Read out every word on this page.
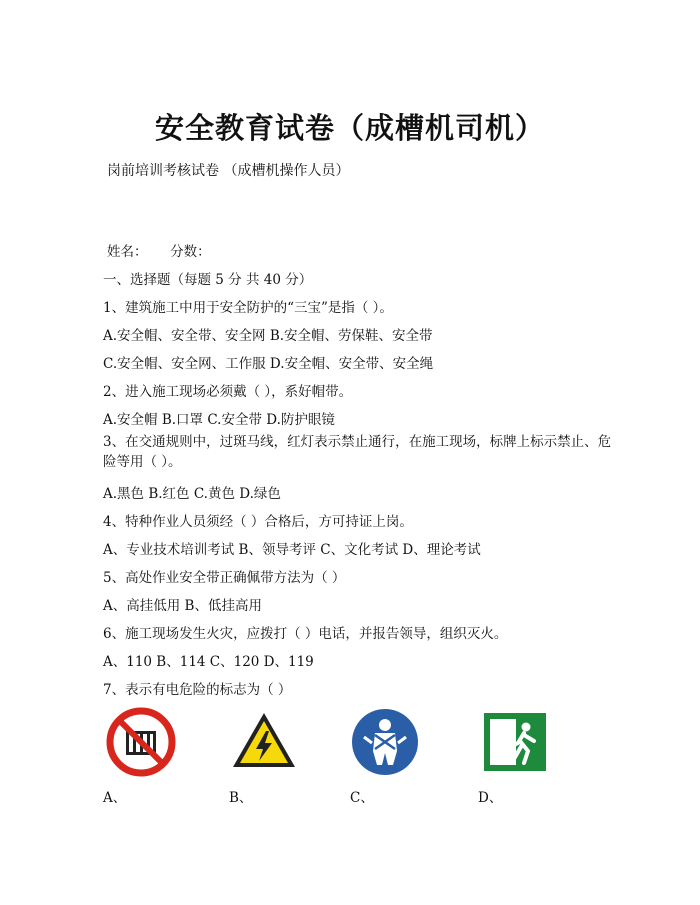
安全教育试卷（成槽机司机）
岗前培训考核试卷 （成槽机操作人员）
姓名： 分数：
一、选择题（每题 5 分 共 40 分）
1、建筑施工中用于安全防护的“三宝”是指（ ）。
A.安全帽、安全带、安全网 B.安全帽、劳保鞋、安全带
C.安全帽、安全网、工作服 D.安全帽、安全带、安全绳
2、进入施工现场必须戴（ ），系好帽带。
A.安全帽 B.口罩 C.安全带 D.防护眼镜
3、在交通规则中，过斑马线，红灯表示禁止通行，在施工现场，标牌上标示禁止、危险等用（ ）。
A.黑色 B.红色 C.黄色 D.绿色
4、特种作业人员须经（ ）合格后，方可持证上岗。
A、专业技术培训考试 B、领导考评 C、文化考试 D、理论考试
5、高处作业安全带正确佩带方法为（ ）
A、高挂低用 B、低挂高用
6、施工现场发生火灾，应拨打（ ）电话，并报告领导，组织灭火。
A、110 B、114 C、120 D、119
7、表示有电危险的标志为（ ）
A、	B、	C、	D、
